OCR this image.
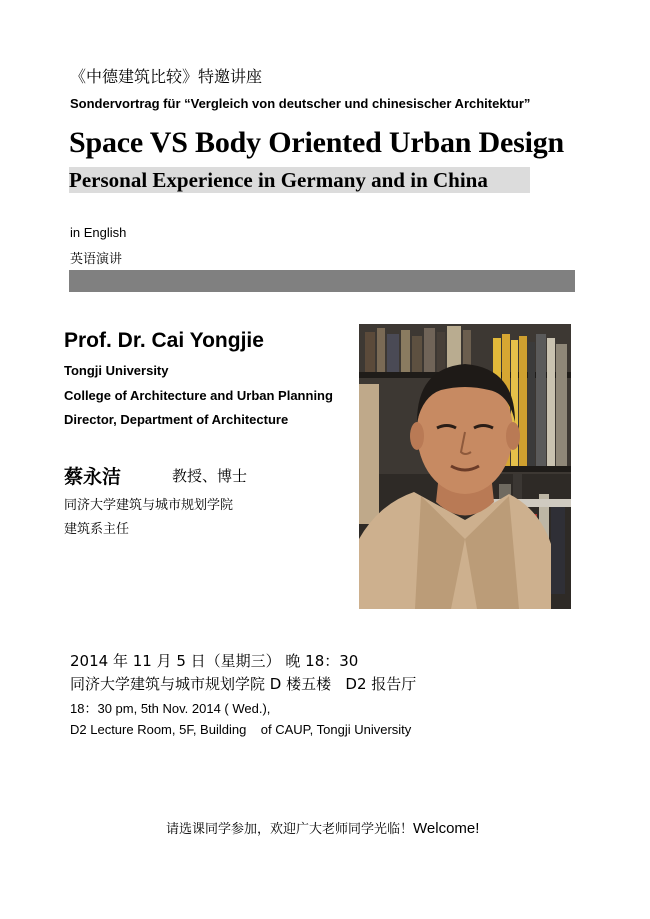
《中德建筑比较》特邀讲座
Sondervortrag für “Vergleich von deutscher und chinesischer Architektur”
Space VS Body Oriented Urban Design
Personal Experience in Germany and in China
in English
英语演讲
Prof. Dr. Cai Yongjie
Tongji University
College of Architecture and Urban Planning
Director, Department of Architecture
蔡永洁	教授、博士
同济大学建筑与城市规划学院
建筑系主任
2014 年 11 月 5 日（星期三） 晚 18：30
同济大学建筑与城市规划学院 D 楼五楼   D2 报告厅
18：30 pm, 5th Nov. 2014 ( Wed.),
D2 Lecture Room, 5F, Building    of CAUP, Tongji University
请选课同学参加，欢迎广大老师同学光临！Welcome!
